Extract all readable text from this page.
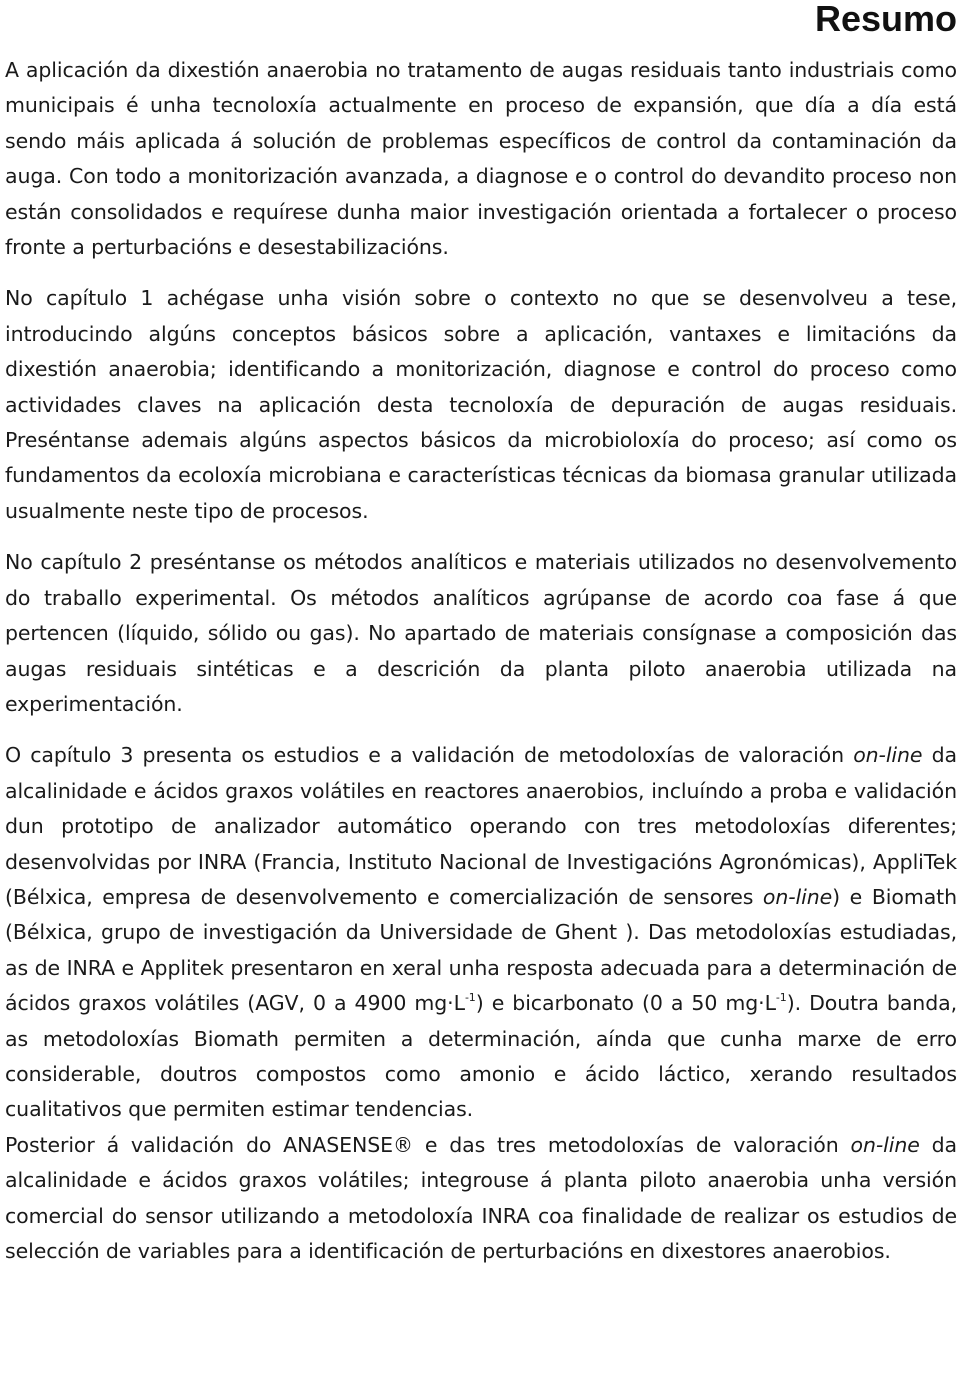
Resumo

A aplicación da dixestión anaerobia no tratamento de augas residuais tanto industriais como municipais é unha tecnoloxía actualmente en proceso de expansión, que día a día está sendo máis aplicada á solución de problemas específicos de control da contaminación da auga. Con todo a monitorización avanzada, a diagnose e o control do devandito proceso non están consolidados e requírese dunha maior investigación orientada a fortalecer o proceso fronte a perturbacións e desestabilizacións.

No capítulo 1 achégase unha visión sobre o contexto no que se desenvolveu a tese, introducindo algúns conceptos básicos sobre a aplicación, vantaxes e limitacións da dixestión anaerobia; identificando a monitorización, diagnose e control do proceso como actividades claves na aplicación desta tecnoloxía de depuración de augas residuais. Preséntanse ademais algúns aspectos básicos da microbioloxía do proceso; así como os fundamentos da ecoloxía microbiana e características técnicas da biomasa granular utilizada usualmente neste tipo de procesos.

No capítulo 2 preséntanse os métodos analíticos e materiais utilizados no desenvolvemento do traballo experimental. Os métodos analíticos agrúpanse de acordo coa fase á que pertencen (líquido, sólido ou gas). No apartado de materiais consígnase a composición das augas residuais sintéticas e a descrición da planta piloto anaerobia utilizada na experimentación.

O capítulo 3 presenta os estudios e a validación de metodoloxías de valoración on-line da alcalinidade e ácidos graxos volátiles en reactores anaerobios, incluíndo a proba e validación dun prototipo de analizador automático operando con tres metodoloxías diferentes; desenvolvidas por INRA (Francia, Instituto Nacional de Investigacións Agronómicas), AppliTek (Bélxica, empresa de desenvolvemento e comercialización de sensores on-line) e Biomath (Bélxica, grupo de investigación da Universidade de Ghent ). Das metodoloxías estudiadas, as de INRA e Applitek presentaron en xeral unha resposta adecuada para a determinación de ácidos graxos volátiles (AGV, 0 a 4900 $mg\cdot L^{-1}$) e bicarbonato (0 a 50 $mg\cdot L^{-1}$). Doutra banda, as metodoloxías Biomath permiten a determinación, aínda que cunha marxe de erro considerable, doutros compostos como amonio e ácido láctico, xerando resultados cualitativos que permiten estimar tendencias.

Posterior á validación do ANASENSE® e das tres metodoloxías de valoración on-line da alcalinidade e ácidos graxos volátiles; integrouse á planta piloto anaerobia unha versión comercial do sensor utilizando a metodoloxía INRA coa finalidade de realizar os estudios de selección de variables para a identificación de perturbacións en dixestores anaerobios.
